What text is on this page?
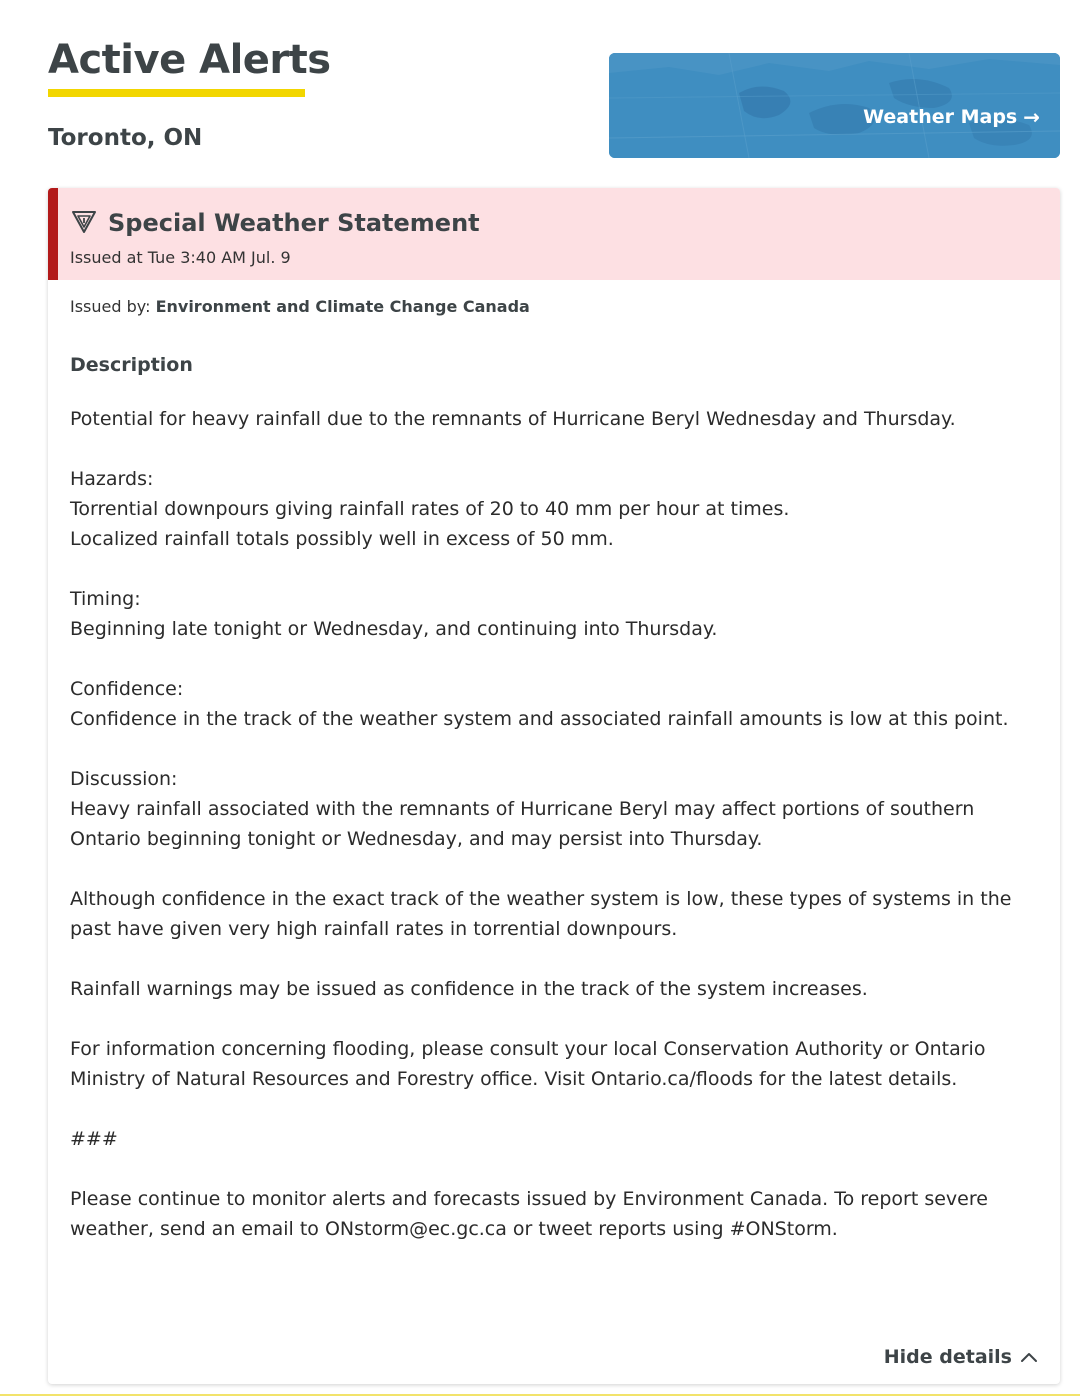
Active Alerts
Toronto, ON
Weather Maps →
Special Weather Statement
Issued at Tue 3:40 AM Jul. 9
Issued by: Environment and Climate Change Canada
Description

Potential for heavy rainfall due to the remnants of Hurricane Beryl Wednesday and Thursday.

Hazards:
Torrential downpours giving rainfall rates of 20 to 40 mm per hour at times.
Localized rainfall totals possibly well in excess of 50 mm.

Timing:
Beginning late tonight or Wednesday, and continuing into Thursday.

Confidence:
Confidence in the track of the weather system and associated rainfall amounts is low at this point.

Discussion:
Heavy rainfall associated with the remnants of Hurricane Beryl may affect portions of southern Ontario beginning tonight or Wednesday, and may persist into Thursday.

Although confidence in the exact track of the weather system is low, these types of systems in the past have given very high rainfall rates in torrential downpours.

Rainfall warnings may be issued as confidence in the track of the system increases.

For information concerning flooding, please consult your local Conservation Authority or Ontario Ministry of Natural Resources and Forestry office. Visit Ontario.ca/floods for the latest details.

###

Please continue to monitor alerts and forecasts issued by Environment Canada. To report severe weather, send an email to ONstorm@ec.gc.ca or tweet reports using #ONStorm.

Hide details
